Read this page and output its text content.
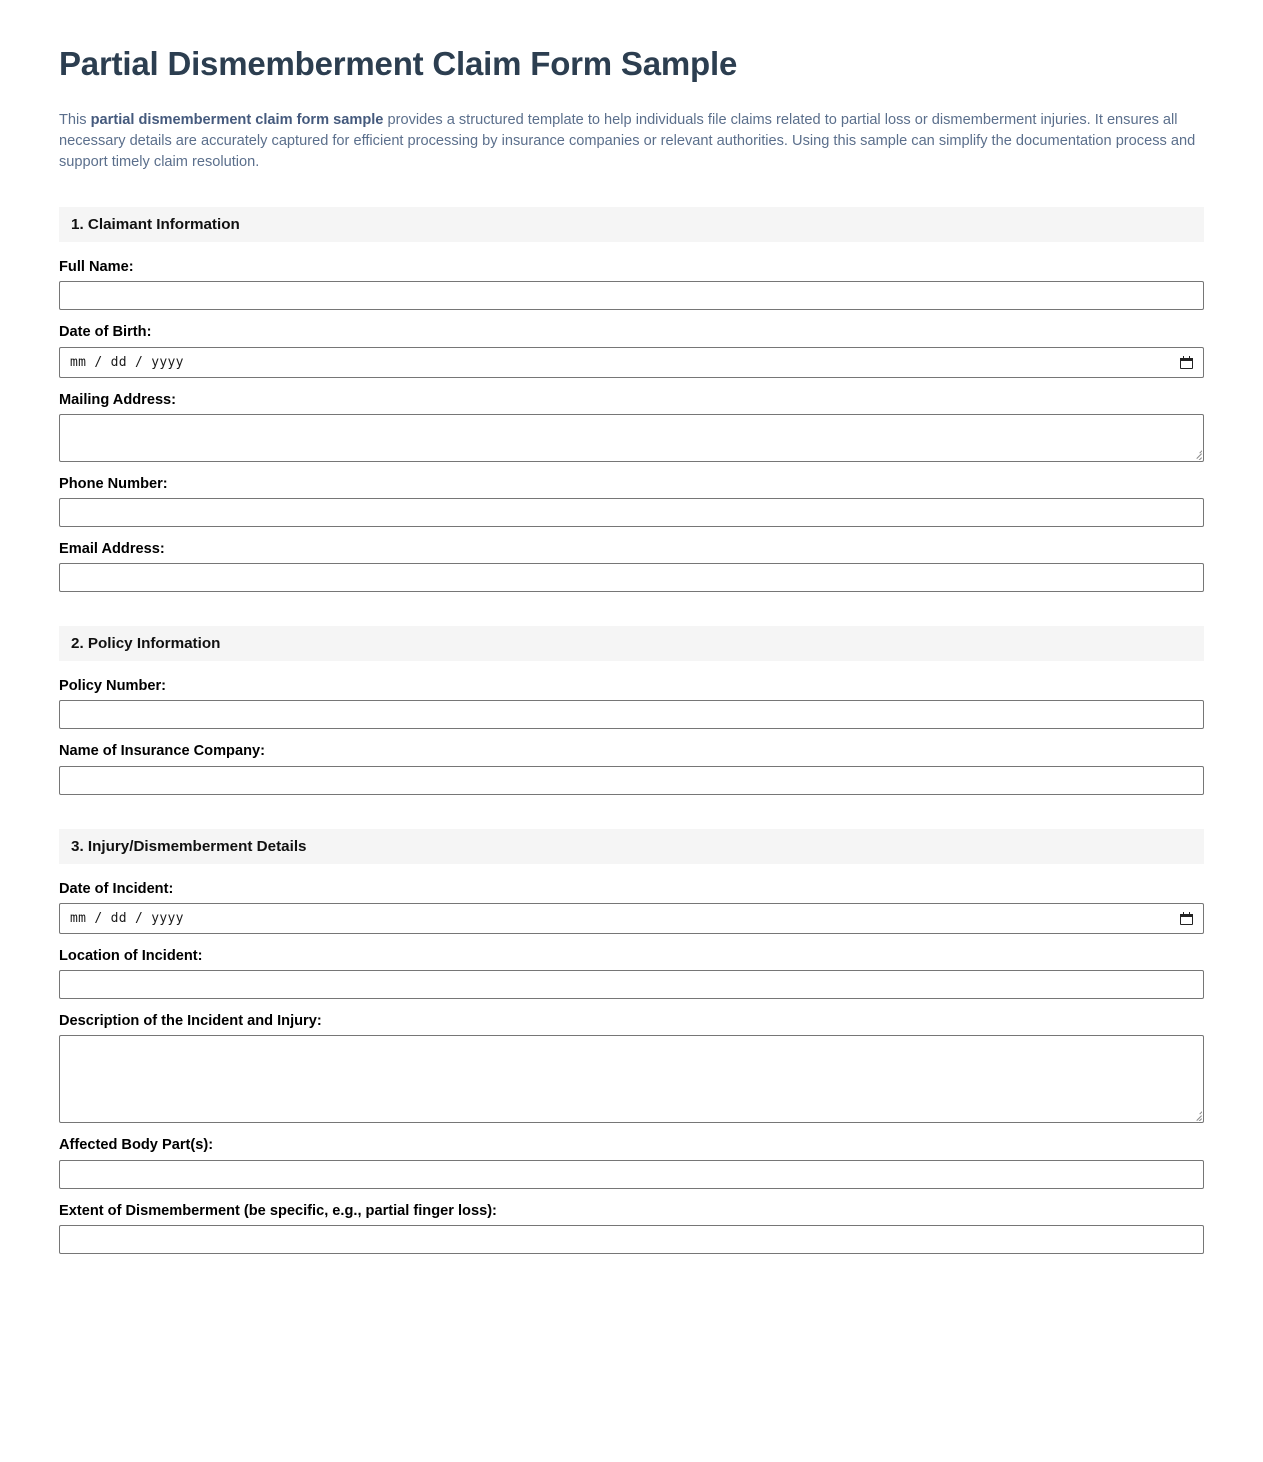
Partial Dismemberment Claim Form Sample

This partial dismemberment claim form sample provides a structured template to help individuals file claims related to partial loss or dismemberment injuries. It ensures all necessary details are accurately captured for efficient processing by insurance companies or relevant authorities. Using this sample can simplify the documentation process and support timely claim resolution.

1. Claimant Information
Full Name:
Date of Birth:
mm / dd / yyyy
Mailing Address:
Phone Number:
Email Address:
2. Policy Information
Policy Number:
Name of Insurance Company:
3. Injury/Dismemberment Details
Date of Incident:
mm / dd / yyyy
Location of Incident:
Description of the Incident and Injury:
Affected Body Part(s):
Extent of Dismemberment (be specific, e.g., partial finger loss):
